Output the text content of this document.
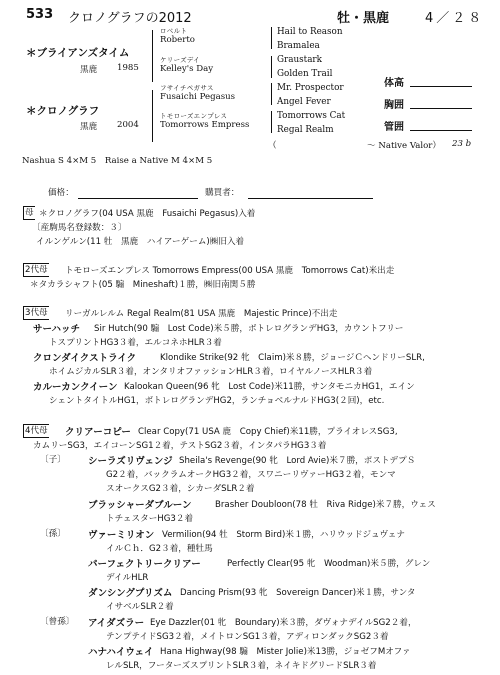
533 クロノグラフの2012	牡・黒鹿	4／２８
＊ブライアンズタイム
黒鹿 1985
＊クロノグラフ
黒鹿 2004
ロベルト
Roberto
ケリーズデイ
Kelley's Day
フサイチペガサス
Fusaichi Pegasus
トモローズエンプレス
Tomorrows Empress
Hail to Reason
Bramalea
Graustark
Golden Trail
Mr. Prospector
Angel Fever
Tomorrows Cat
Regal Realm
（	～ Native Valor） 23 b
体高
胸囲
管囲
Nashua S 4×M 5　Raise a Native M 4×M 5
価格：	購買者：
母 ＊クロノグラフ(04 USA 黒鹿　Fusaichi Pegasus)入着
〔産駒馬名登録数：３〕
イルンゲルン(11 牡　黒鹿　ハイアーゲーム)㈱旧入着
2代母 トモローズエンプレス Tomorrows Empress(00 USA 黒鹿　Tomorrows Cat)米出走
＊タカラシャフト(05 騸　Mineshaft)１勝，㈱旧南関５勝
3代母 リーガルレルム Regal Realm(81 USA 黒鹿　Majestic Prince)不出走
サーハッチ Sir Hutch(90 騸　Lost Code)米５勝，ボトレログランデHG3，カウントフリー
トスプリントHG3３着，エルコネホHLR３着
クロンダイクストライク	Klondike Strike(92 牝　Claim)米８勝，ジョージＣヘンドリーSLR,
ホイムジカルSLR３着，オンタリオファッションHLR３着，ロイヤルノースHLR３着
カルーカンクイーン Kalookan Queen(96 牝　Lost Code)米11勝，サンタモニカHG1，エイン
シェントタイトルHG1，ボトレログランデHG2，ランチョベルナルドHG3(２回)，etc.
4代母 クリアーコピー Clear Copy(71 USA 鹿　Copy Chief)米11勝，プライオレスSG3,
カムリーSG3，エイコーンSG1２着，テストSG2３着，インタパラHG3３着
〔子〕 シーラズリヴェンジ Sheila's Revenge(90 牝　Lord Avie)米７勝，ポストデプＳ
G2２着，バックラムオークHG3２着，スワニーリヴァーHG3２着，モンマ
スオークスG2３着，シカーダSLR２着
ブラッシャーダブルーン	Brasher Doubloon(78 牡　Riva Ridge)米７勝，ウェス
トチェスターHG3２着
〔孫〕 ヴァーミリオン Vermilion(94 牡　Storm Bird)米１勝，ハリウッドジュヴェナ
イルＣｈ．G2３着，種牡馬
パーフェクトリークリアー	Perfectly Clear(95 牝　Woodman)米５勝，グレン
デイルHLR
ダンシングプリズム Dancing Prism(93 牝　Sovereign Dancer)米１勝，サンタ
イサベルSLR２着
〔曾孫〕 アイダズラー Eye Dazzler(01 牝　Boundary)米３勝，ダヴォナデイルSG2２着，
テンプテイドSG3２着，メイトロンSG1３着，アディロンダックSG2３着
ハナハイウェイ Hana Highway(98 騸　Mister Jolie)米13勝，ジョゼフMオファ
レルSLR，フーターズスプリントSLR３着，ネイキドグリードSLR３着
